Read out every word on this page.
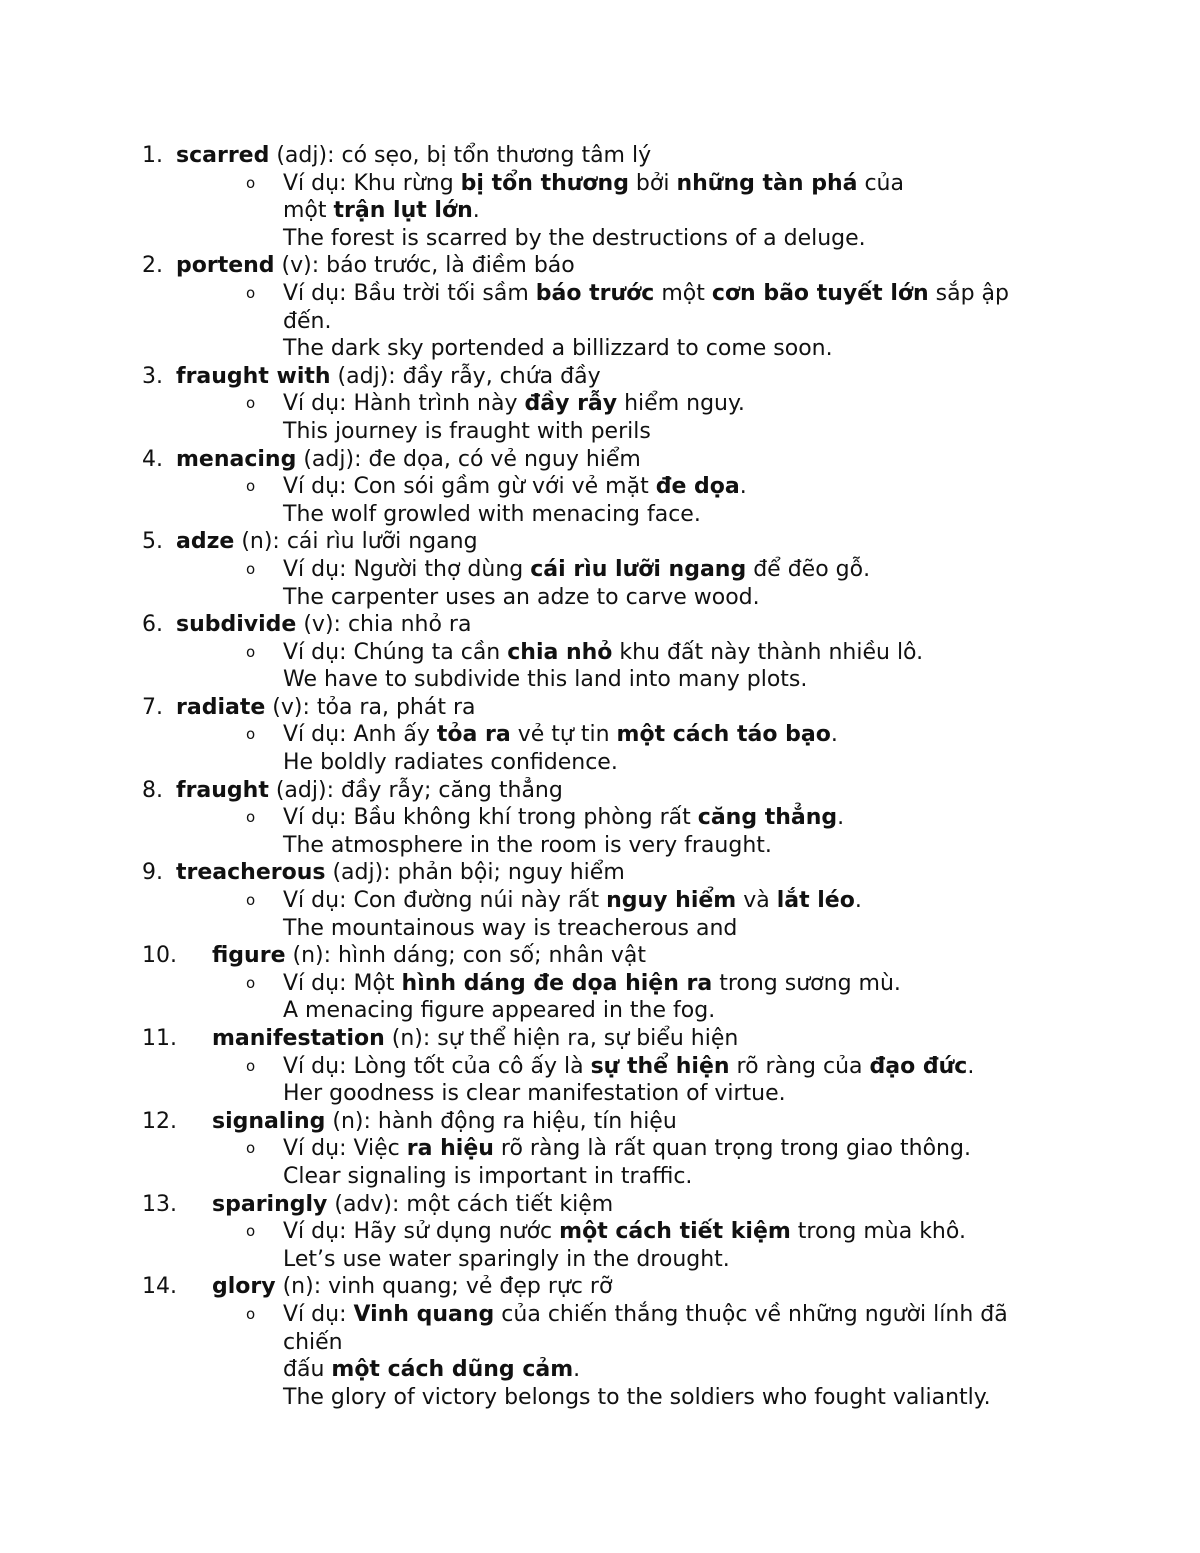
1. scarred (adj): có sẹo, bị tổn thương tâm lý
o Ví dụ: Khu rừng bị tổn thương bởi những tàn phá của
một trận lụt lớn.
The forest is scarred by the destructions of a deluge.
2. portend (v): báo trước, là điềm báo
o Ví dụ: Bầu trời tối sầm báo trước một cơn bão tuyết lớn sắp ập
đến.
The dark sky portended a billizzard to come soon.
3. fraught with (adj): đầy rẫy, chứa đầy
o Ví dụ: Hành trình này đầy rẫy hiểm nguy.
This journey is fraught with perils
4. menacing (adj): đe dọa, có vẻ nguy hiểm
o Ví dụ: Con sói gầm gừ với vẻ mặt đe dọa.
The wolf growled with menacing face.
5. adze (n): cái rìu lưỡi ngang
o Ví dụ: Người thợ dùng cái rìu lưỡi ngang để đẽo gỗ.
The carpenter uses an adze to carve wood.
6. subdivide (v): chia nhỏ ra
o Ví dụ: Chúng ta cần chia nhỏ khu đất này thành nhiều lô.
We have to subdivide this land into many plots.
7. radiate (v): tỏa ra, phát ra
o Ví dụ: Anh ấy tỏa ra vẻ tự tin một cách táo bạo.
He boldly radiates confidence.
8. fraught (adj): đầy rẫy; căng thẳng
o Ví dụ: Bầu không khí trong phòng rất căng thẳng.
The atmosphere in the room is very fraught.
9. treacherous (adj): phản bội; nguy hiểm
o Ví dụ: Con đường núi này rất nguy hiểm và lắt léo.
The mountainous way is treacherous and
10. figure (n): hình dáng; con số; nhân vật
o Ví dụ: Một hình dáng đe dọa hiện ra trong sương mù.
A menacing figure appeared in the fog.
11. manifestation (n): sự thể hiện ra, sự biểu hiện
o Ví dụ: Lòng tốt của cô ấy là sự thể hiện rõ ràng của đạo đức.
Her goodness is clear manifestation of virtue.
12. signaling (n): hành động ra hiệu, tín hiệu
o Ví dụ: Việc ra hiệu rõ ràng là rất quan trọng trong giao thông.
Clear signaling is important in traffic.
13. sparingly (adv): một cách tiết kiệm
o Ví dụ: Hãy sử dụng nước một cách tiết kiệm trong mùa khô.
Let’s use water sparingly in the drought.
14. glory (n): vinh quang; vẻ đẹp rực rỡ
o Ví dụ: Vinh quang của chiến thắng thuộc về những người lính đã
chiến
đấu một cách dũng cảm.
The glory of victory belongs to the soldiers who fought valiantly.
